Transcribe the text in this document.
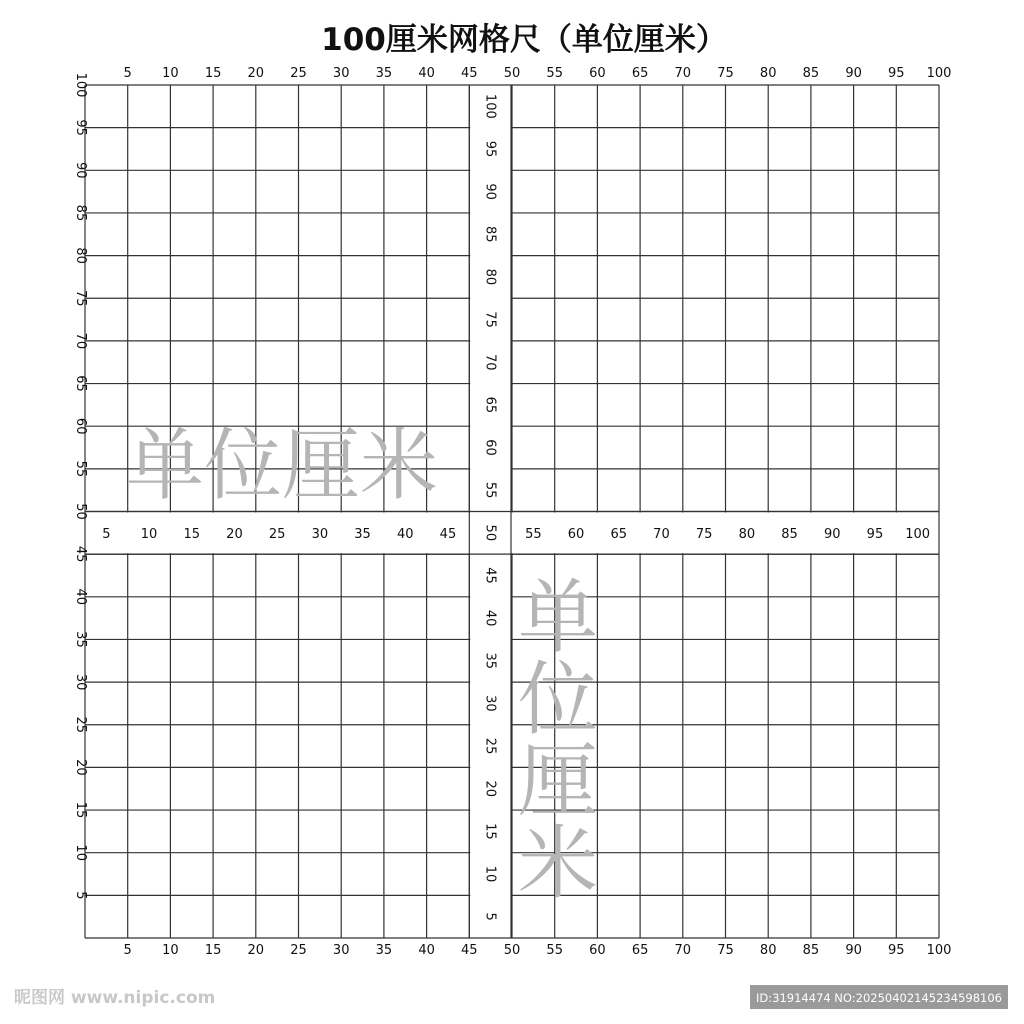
100厘米网格尺（单位厘米）
5 10 15 20 25 30 35 40 45 50 55 60 65 70 75 80 85 90 95 100
5 10 15 20 25 30 35 40 45 50 55 60 65 70 75 80 85 90 95 100
5
10
15
20
25
30
35
40
45
50
55
60
65
70
75
80
85
90
95
100
5 10 15 20 25 30 35 40 45	55 60 65 70 75 80 85 90 95 100
5
10
15
20
25
30
35
40
45
50
55
60
65
70
75
80
85
90
95
100
单位厘米
单
位
厘
米
昵图网 www.nipic.com	ID:31914474 NO:20250402145234598106
